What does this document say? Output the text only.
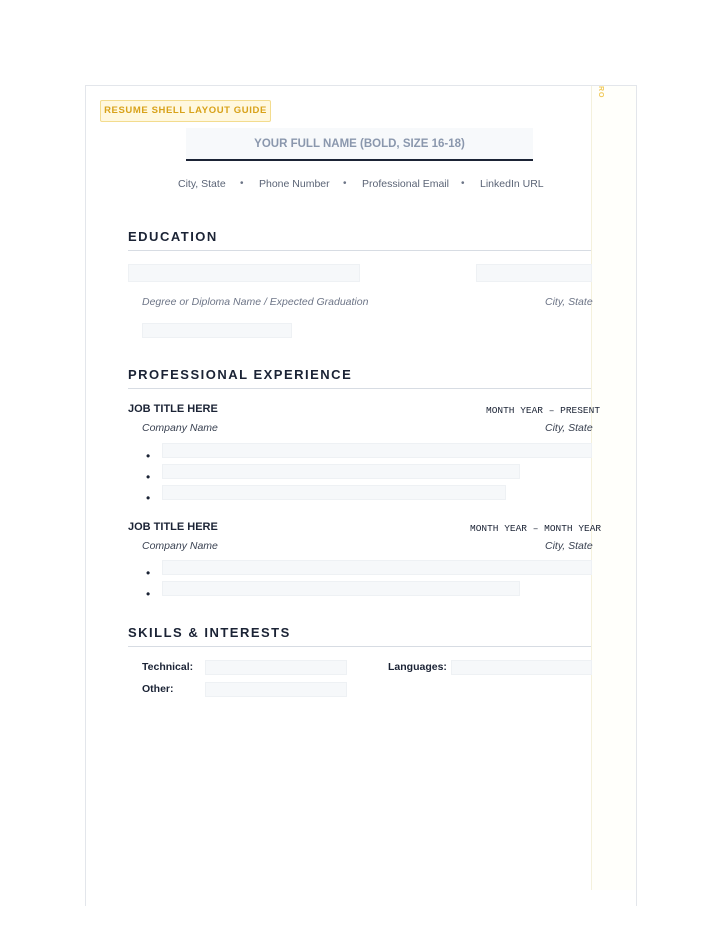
RO
RESUME SHELL LAYOUT GUIDE
YOUR FULL NAME (BOLD, SIZE 16-18)
City, State • Phone Number • Professional Email • LinkedIn URL
EDUCATION
Degree or Diploma Name / Expected Graduation	City, State
PROFESSIONAL EXPERIENCE
JOB TITLE HERE	MONTH YEAR – PRESENT
Company Name	City, State
•
•
•
JOB TITLE HERE	MONTH YEAR – MONTH YEAR
Company Name	City, State
•
•
SKILLS & INTERESTS
Technical:	Languages:
Other:
